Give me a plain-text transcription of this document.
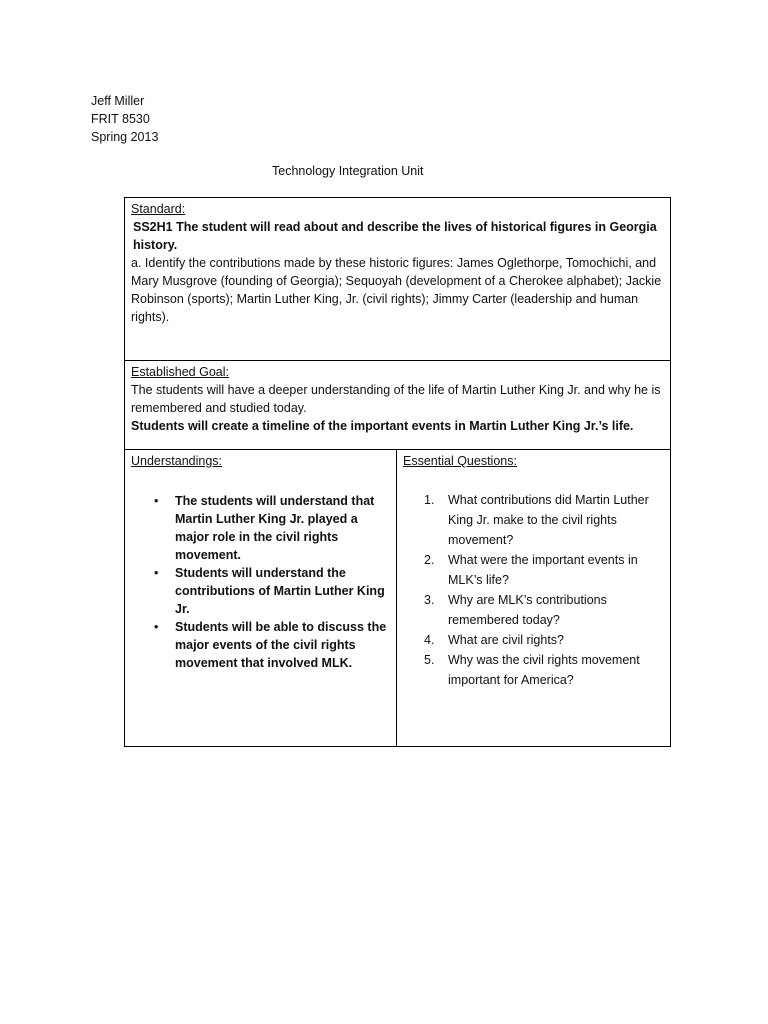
Jeff Miller
FRIT 8530
Spring 2013
Technology Integration Unit
Standard:
SS2H1 The student will read about and describe the lives of historical figures in Georgia history.
a. Identify the contributions made by these historic figures: James Oglethorpe, Tomochichi, and Mary Musgrove (founding of Georgia); Sequoyah (development of a Cherokee alphabet); Jackie Robinson (sports); Martin Luther King, Jr. (civil rights); Jimmy Carter (leadership and human rights).

Established Goal:
The students will have a deeper understanding of the life of Martin Luther King Jr. and why he is remembered and studied today.
Students will create a timeline of the important events in Martin Luther King Jr.’s life.

Understandings:
• The students will understand that Martin Luther King Jr. played a major role in the civil rights movement.
• Students will understand the contributions of Martin Luther King Jr.
• Students will be able to discuss the major events of the civil rights movement that involved MLK.

Essential Questions:
1. What contributions did Martin Luther King Jr. make to the civil rights movement?
2. What were the important events in MLK’s life?
3. Why are MLK’s contributions remembered today?
4. What are civil rights?
5. Why was the civil rights movement important for America?
